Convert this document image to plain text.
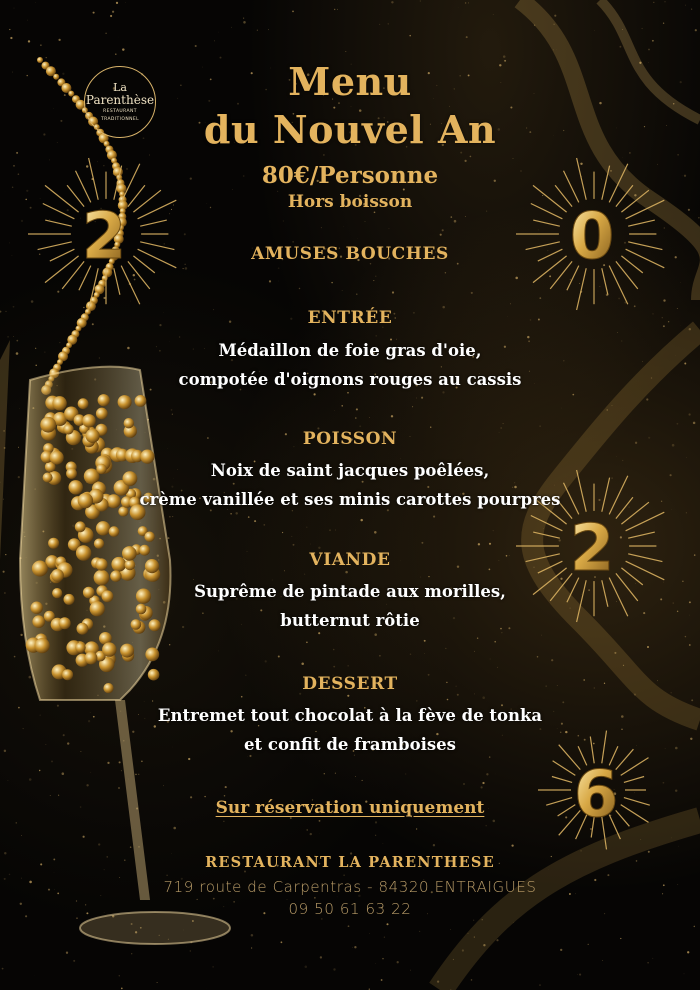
2	0
2
6
La
Parenthèse
RESTAURANT
TRADITIONNEL
Menu
du Nouvel An
80€/Personne
Hors boisson
AMUSES BOUCHES
ENTRÉE
Médaillon de foie gras d'oie,
compotée d'oignons rouges au cassis
POISSON
Noix de saint jacques poêlées,
crème vanillée et ses minis carottes pourpres
VIANDE
Suprême de pintade aux morilles,
butternut rôtie
DESSERT
Entremet tout chocolat à la fève de tonka
et confit de framboises
Sur réservation uniquement
RESTAURANT LA PARENTHESE
719 route de Carpentras - 84320 ENTRAIGUES
09 50 61 63 22
